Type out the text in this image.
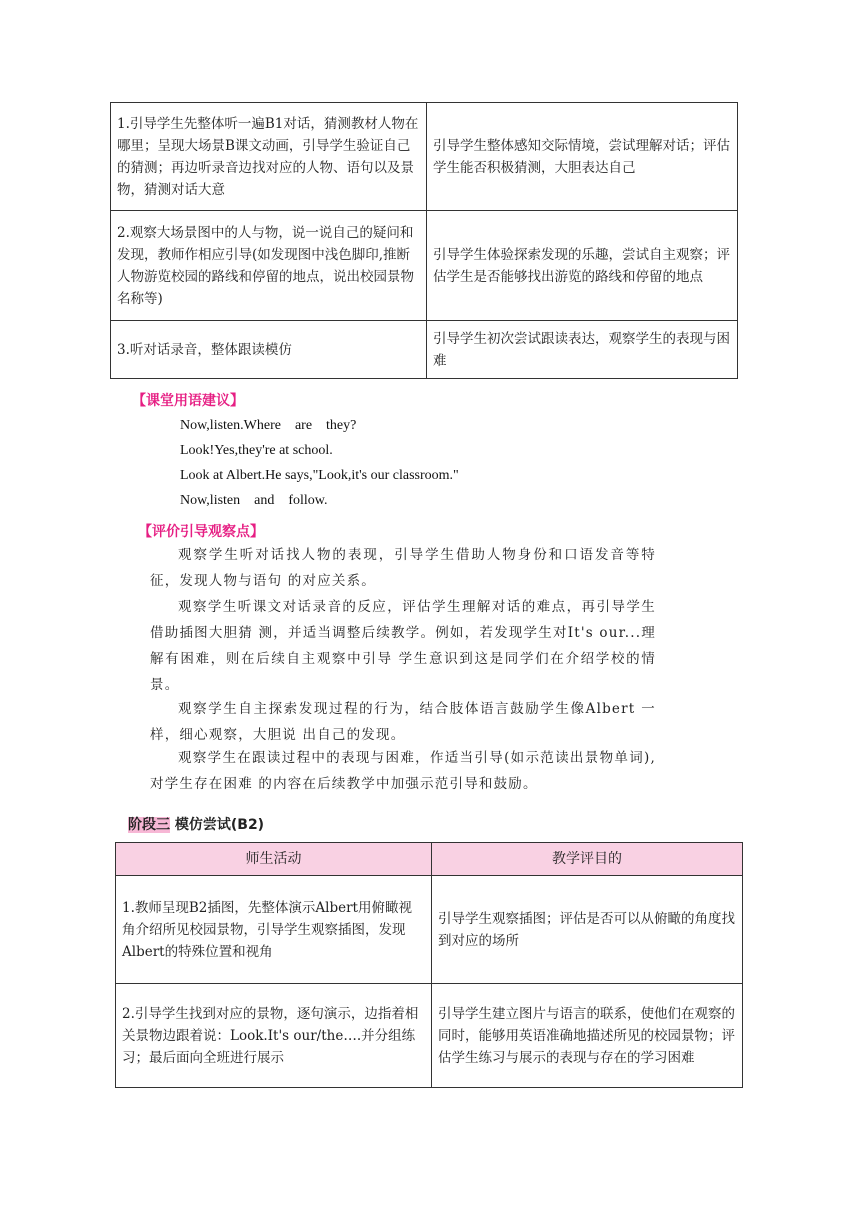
1.引导学生先整体听一遍B1对话，猜测教材人物在哪里；呈现大场景B课文动画，引导学生验证自己的猜测；再边听录音边找对应的人物、语句以及景物，猜测对话大意	引导学生整体感知交际情境，尝试理解对话；评估学生能否积极猜测，大胆表达自己
2.观察大场景图中的人与物，说一说自己的疑问和发现，教师作相应引导(如发现图中浅色脚印,推断人物游览校园的路线和停留的地点，说出校园景物名称等)	引导学生体验探索发现的乐趣，尝试自主观察；评估学生是否能够找出游览的路线和停留的地点
3.听对话录音，整体跟读模仿	引导学生初次尝试跟读表达，观察学生的表现与困难
【课堂用语建议】
Now,listen.Where    are    they?
Look!Yes,they're at school.
Look at Albert.He says,"Look,it's our classroom."
Now,listen    and    follow.
【评价引导观察点】

观察学生听对话找人物的表现，引导学生借助人物身份和口语发音等特征，发现人物与语句 的对应关系。

观察学生听课文对话录音的反应，评估学生理解对话的难点，再引导学生借助插图大胆猜 测，并适当调整后续教学。例如，若发现学生对It's our...理解有困难，则在后续自主观察中引导 学生意识到这是同学们在介绍学校的情景。

观察学生自主探索发现过程的行为，结合肢体语言鼓励学生像Albert 一样，细心观察，大胆说 出自己的发现。

观察学生在跟读过程中的表现与困难，作适当引导(如示范读出景物单词),对学生存在困难 的内容在后续教学中加强示范引导和鼓励。

阶段三 模仿尝试(B2)
师生活动	教学评目的
1.教师呈现B2插图，先整体演示Albert用俯瞰视角介绍所见校园景物，引导学生观察插图，发现Albert的特殊位置和视角	引导学生观察插图；评估是否可以从俯瞰的角度找到对应的场所
2.引导学生找到对应的景物，逐句演示，边指着相关景物边跟着说：Look.It's our/the….并分组练习；最后面向全班进行展示	引导学生建立图片与语言的联系，使他们在观察的同时，能够用英语准确地描述所见的校园景物；评估学生练习与展示的表现与存在的学习困难
